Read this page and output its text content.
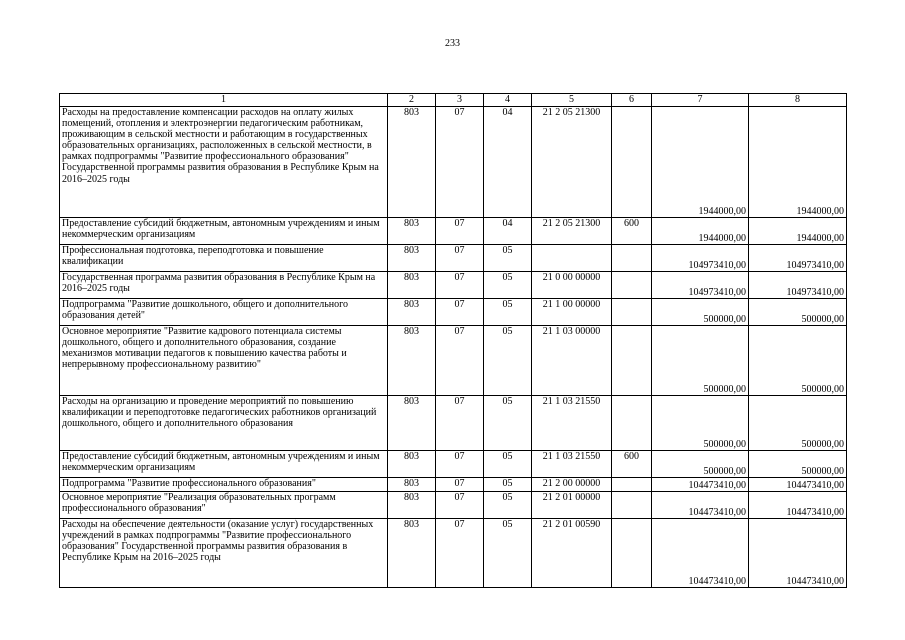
233
1	2	3	4	5	6	7	8
Расходы на предоставление компенсации расходов на оплату жилых помещений, отопления и электроэнергии педагогическим работникам, проживающим в сельской местности и работающим в государственных образовательных организациях, расположенных в сельской местности, в рамках подпрограммы "Развитие профессионального образования" Государственной программы развития образования в Республике Крым на 2016–2025 годы	803	07	04	21 2 05 21300		1944000,00	1944000,00

Предоставление субсидий бюджетным, автономным учреждениям и иным некоммерческим организациям	803	07	04	21 2 05 21300	600	1944000,00	1944000,00

Профессиональная подготовка, переподготовка и повышение квалификации	803	07	05			104973410,00	104973410,00

Государственная программа развития образования в Республике Крым на 2016–2025 годы	803	07	05	21 0 00 00000		104973410,00	104973410,00

Подпрограмма "Развитие дошкольного, общего и дополнительного образования детей"	803	07	05	21 1 00 00000		500000,00	500000,00

Основное мероприятие "Развитие кадрового потенциала системы дошкольного, общего и дополнительного образования, создание механизмов мотивации педагогов к повышению качества работы и непрерывному профессиональному развитию"	803	07	05	21 1 03 00000		500000,00	500000,00

Расходы на организацию и проведение мероприятий по повышению квалификации и переподготовке педагогических работников организаций дошкольного, общего и дополнительного образования	803	07	05	21 1 03 21550		500000,00	500000,00

Предоставление субсидий бюджетным, автономным учреждениям и иным некоммерческим организациям	803	07	05	21 1 03 21550	600	500000,00	500000,00

Подпрограмма "Развитие профессионального образования"	803	07	05	21 2 00 00000		104473410,00	104473410,00

Основное мероприятие "Реализация образовательных программ профессионального образования"	803	07	05	21 2 01 00000		104473410,00	104473410,00

Расходы на обеспечение деятельности (оказание услуг) государственных учреждений в рамках подпрограммы "Развитие профессионального образования" Государственной программы развития образования в Республике Крым на 2016–2025 годы	803	07	05	21 2 01 00590		104473410,00	104473410,00
